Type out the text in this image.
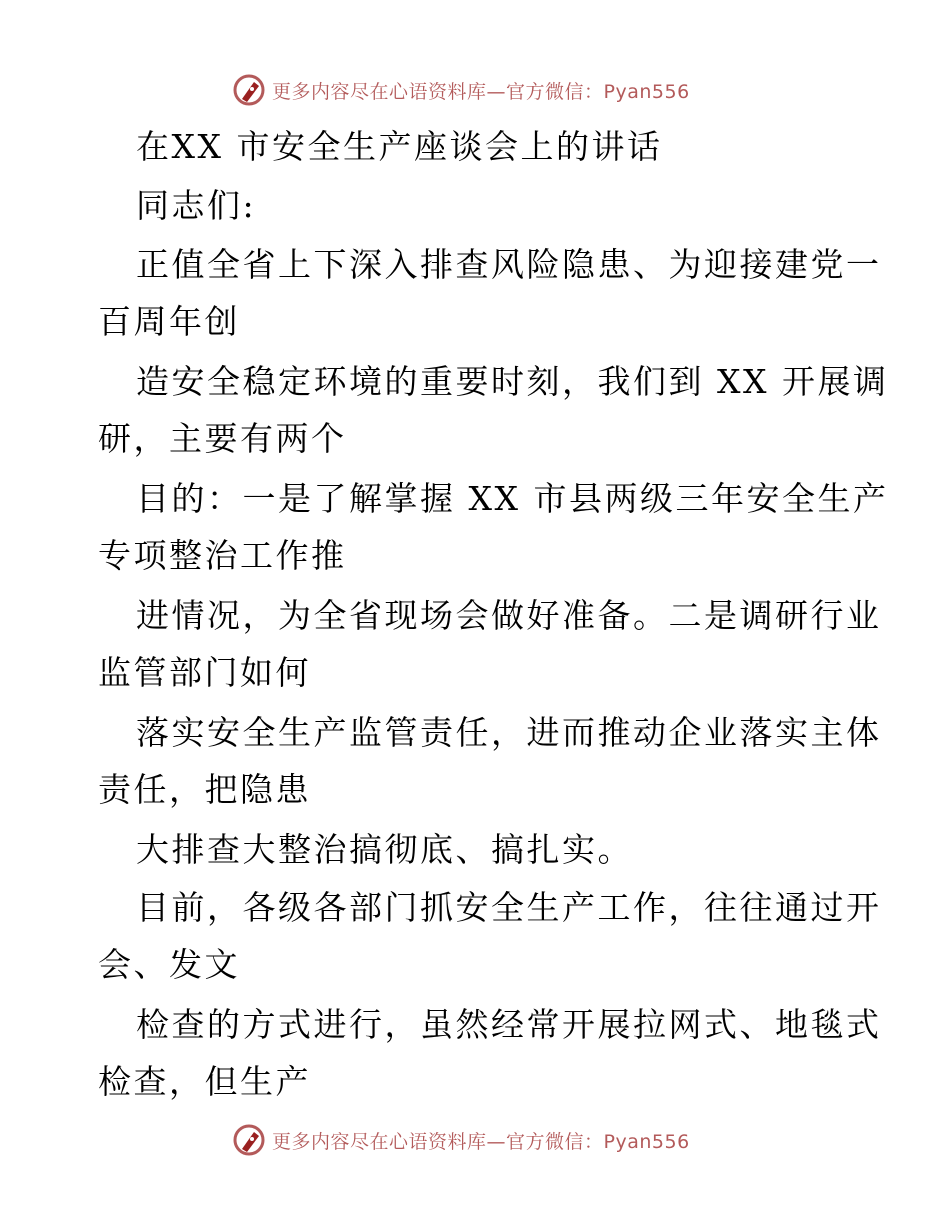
更多内容尽在心语资料库—官方微信：Pyan556
在XX 市安全生产座谈会上的讲话
同志们:
正值全省上下深入排查风险隐患、为迎接建党一
百周年创
造安全稳定环境的重要时刻，我们到 XX 开展调
研，主要有两个
目的：一是了解掌握 XX 市县两级三年安全生产
专项整治工作推
进情况，为全省现场会做好准备。二是调研行业
监管部门如何
落实安全生产监管责任，进而推动企业落实主体
责任，把隐患
大排查大整治搞彻底、搞扎实。
目前，各级各部门抓安全生产工作，往往通过开
会、发文
检查的方式进行，虽然经常开展拉网式、地毯式
检查，但生产
更多内容尽在心语资料库—官方微信：Pyan556
